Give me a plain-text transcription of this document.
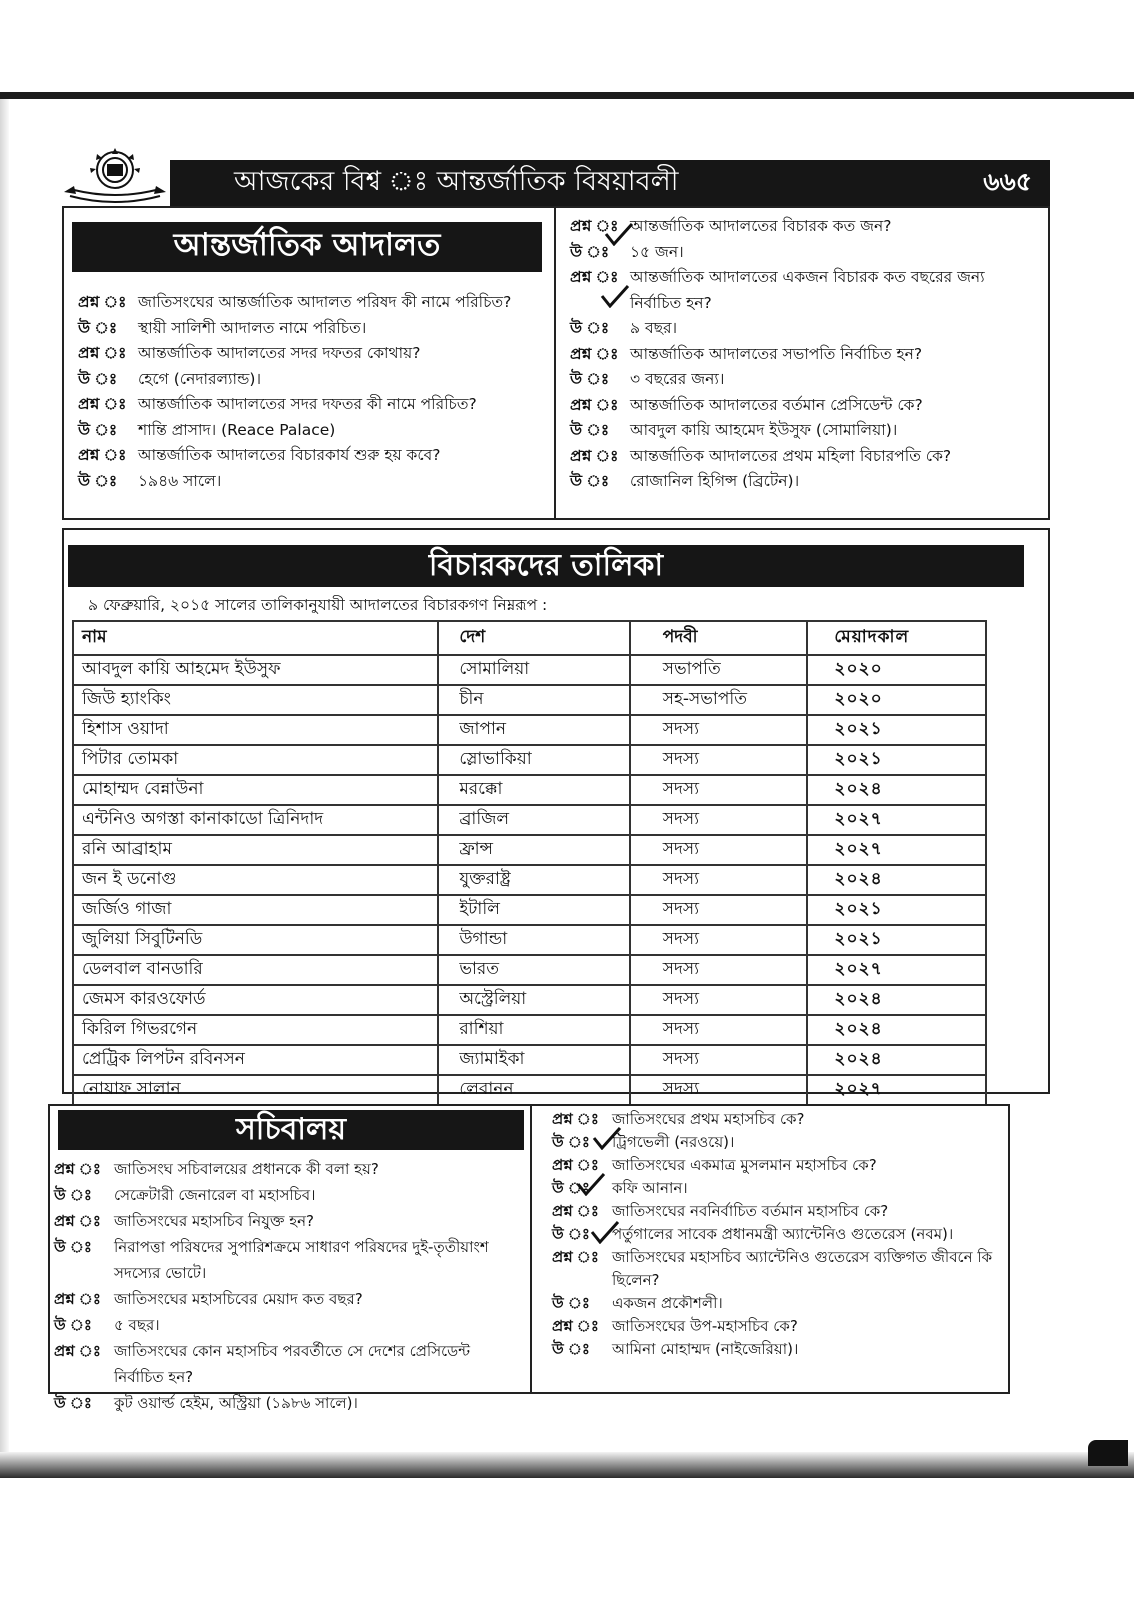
আজকের বিশ্ব ঃ আন্তর্জাতিক বিষয়াবলী	৬৬৫
আন্তর্জাতিক আদালত
প্রশ্ন ঃ জাতিসংঘের আন্তর্জাতিক আদালত পরিষদ কী নামে পরিচিত?
উ ঃ	স্থায়ী সালিশী আদালত নামে পরিচিত।
প্রশ্ন ঃ আন্তর্জাতিক আদালতের সদর দফতর কোথায়?
উ ঃ	হেগে (নেদারল্যান্ড)।
প্রশ্ন ঃ আন্তর্জাতিক আদালতের সদর দফতর কী নামে পরিচিত?
উ ঃ	শান্তি প্রাসাদ। (Reace Palace)
প্রশ্ন ঃ আন্তর্জাতিক আদালতের বিচারকার্য শুরু হয় কবে?
উ ঃ	১৯৪৬ সালে।
প্রশ্ন ঃ আন্তর্জাতিক আদালতের বিচারক কত জন?
উ ঃ	১৫ জন।
প্রশ্ন ঃ আন্তর্জাতিক আদালতের একজন বিচারক কত বছরের জন্য নির্বাচিত হন?
উ ঃ	৯ বছর।
প্রশ্ন ঃ আন্তর্জাতিক আদালতের সভাপতি নির্বাচিত হন?
উ ঃ	৩ বছরের জন্য।
প্রশ্ন ঃ আন্তর্জাতিক আদালতের বর্তমান প্রেসিডেন্ট কে?
উ ঃ	আবদুল কায়ি আহমেদ ইউসুফ (সোমালিয়া)।
প্রশ্ন ঃ আন্তর্জাতিক আদালতের প্রথম মহিলা বিচারপতি কে?
উ ঃ	রোজানিল হিগিন্স (ব্রিটেন)।
বিচারকদের তালিকা
৯ ফেব্রুয়ারি, ২০১৫ সালের তালিকানুযায়ী আদালতের বিচারকগণ নিম্নরূপ :
নাম	দেশ	পদবী	মেয়াদকাল
আবদুল কায়ি আহমেদ ইউসুফ	সোমালিয়া	সভাপতি	২০২০
জিউ হ্যাংকিং	চীন	সহ-সভাপতি	২০২০
হিশাস ওয়াদা	জাপান	সদস্য	২০২১
পিটার তোমকা	স্লোভাকিয়া	সদস্য	২০২১
মোহাম্মদ বেন্নাউনা	মরক্কো	সদস্য	২০২৪
এন্টনিও অগস্তা কানাকাডো ত্রিনিদাদ	ব্রাজিল	সদস্য	২০২৭
রনি আব্রাহাম	ফ্রান্স	সদস্য	২০২৭
জন ই ডনোগু	যুক্তরাষ্ট্র	সদস্য	২০২৪
জর্জিও গাজা	ইটালি	সদস্য	২০২১
জুলিয়া সিবুটিনডি	উগান্ডা	সদস্য	২০২১
ডেলবাল বানডারি	ভারত	সদস্য	২০২৭
জেমস কারওফোর্ড	অস্ট্রেলিয়া	সদস্য	২০২৪
কিরিল গিভরগেন	রাশিয়া	সদস্য	২০২৪
প্রেট্রিক লিপটন রবিনসন	জ্যামাইকা	সদস্য	২০২৪
নোয়াফ সালান	লেবানন	সদস্য	২০২৭
সচিবালয়
প্রশ্ন ঃ জাতিসংঘ সচিবালয়ের প্রধানকে কী বলা হয়?
উ ঃ	সেক্রেটারী জেনারেল বা মহাসচিব।
প্রশ্ন ঃ জাতিসংঘের মহাসচিব নিযুক্ত হন?
উ ঃ	নিরাপত্তা পরিষদের সুপারিশক্রমে সাধারণ পরিষদের দুই-তৃতীয়াংশ সদস্যের ভোটে।
প্রশ্ন ঃ জাতিসংঘের মহাসচিবের মেয়াদ কত বছর?
উ ঃ	৫ বছর।
প্রশ্ন ঃ জাতিসংঘের কোন মহাসচিব পরবর্তীতে সে দেশের প্রেসিডেন্ট নির্বাচিত হন?
উ ঃ	কুট ওয়ার্ল্ড হেইম, অস্ট্রিয়া (১৯৮৬ সালে)।
প্রশ্ন ঃ জাতিসংঘের প্রথম মহাসচিব কে?
উ ঃ	ট্রিগভেলী (নরওয়ে)।
প্রশ্ন ঃ জাতিসংঘের একমাত্র মুসলমান মহাসচিব কে?
উ ঃ	কফি আনান।
প্রশ্ন ঃ জাতিসংঘের নবনির্বাচিত বর্তমান মহাসচিব কে?
উ ঃ	পর্তুগালের সাবেক প্রধানমন্ত্রী অ্যান্টেনিও গুতেরেস (নবম)।
প্রশ্ন ঃ জাতিসংঘের মহাসচিব অ্যান্টেনিও গুতেরেস ব্যক্তিগত জীবনে কি ছিলেন?
উ ঃ	একজন প্রকৌশলী।
প্রশ্ন ঃ জাতিসংঘের উপ-মহাসচিব কে?
উ ঃ	আমিনা মোহাম্মদ (নাইজেরিয়া)।
